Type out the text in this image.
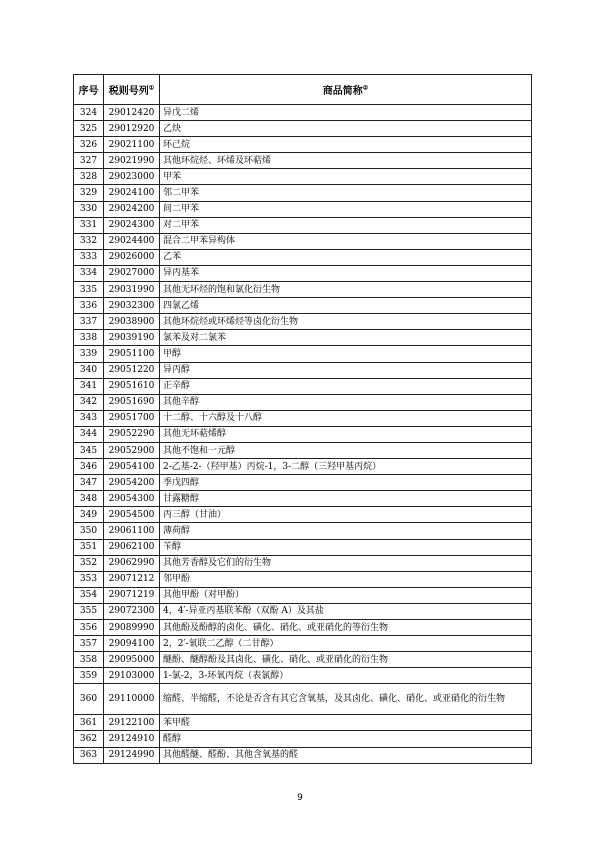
序号	税则号列①	商品简称②
324	29012420	异戊二烯
325	29012920	乙炔
326	29021100	环己烷
327	29021990	其他环烷烃、环烯及环萜烯
328	29023000	甲苯
329	29024100	邻二甲苯
330	29024200	间二甲苯
331	29024300	对二甲苯
332	29024400	混合二甲苯异构体
333	29026000	乙苯
334	29027000	异丙基苯
335	29031990	其他无环烃的饱和氯化衍生物
336	29032300	四氯乙烯
337	29038900	其他环烷烃或环烯烃等卤化衍生物
338	29039190	氯苯及对二氯苯
339	29051100	甲醇
340	29051220	异丙醇
341	29051610	正辛醇
342	29051690	其他辛醇
343	29051700	十二醇、十六醇及十八醇
344	29052290	其他无环萜烯醇
345	29052900	其他不饱和一元醇
346	29054100	2-乙基-2-（羟甲基）丙烷-1，3-二醇（三羟甲基丙烷）
347	29054200	季戊四醇
348	29054300	甘露糖醇
349	29054500	丙三醇（甘油）
350	29061100	薄荷醇
351	29062100	苄醇
352	29062990	其他芳香醇及它们的衍生物
353	29071212	邻甲酚
354	29071219	其他甲酚（对甲酚）
355	29072300	4，4′-异亚丙基联苯酚（双酚 A）及其盐
356	29089990	其他酚及酚醇的卤化、磺化、硝化、或亚硝化的等衍生物
357	29094100	2，2′-氧联二乙醇（二甘醇）
358	29095000	醚酚、醚醇酚及其卤化、磺化、硝化、或亚硝化的衍生物
359	29103000	1-氯-2，3-环氧丙烷（表氯醇）
360	29110000	缩醛、半缩醛，不论是否含有其它含氧基，及其卤化、磺化、硝化、或亚硝化的衍生物
361	29122100	苯甲醛
362	29124910	醛醇
363	29124990	其他醛醚、醛酚、其他含氧基的醛
9
